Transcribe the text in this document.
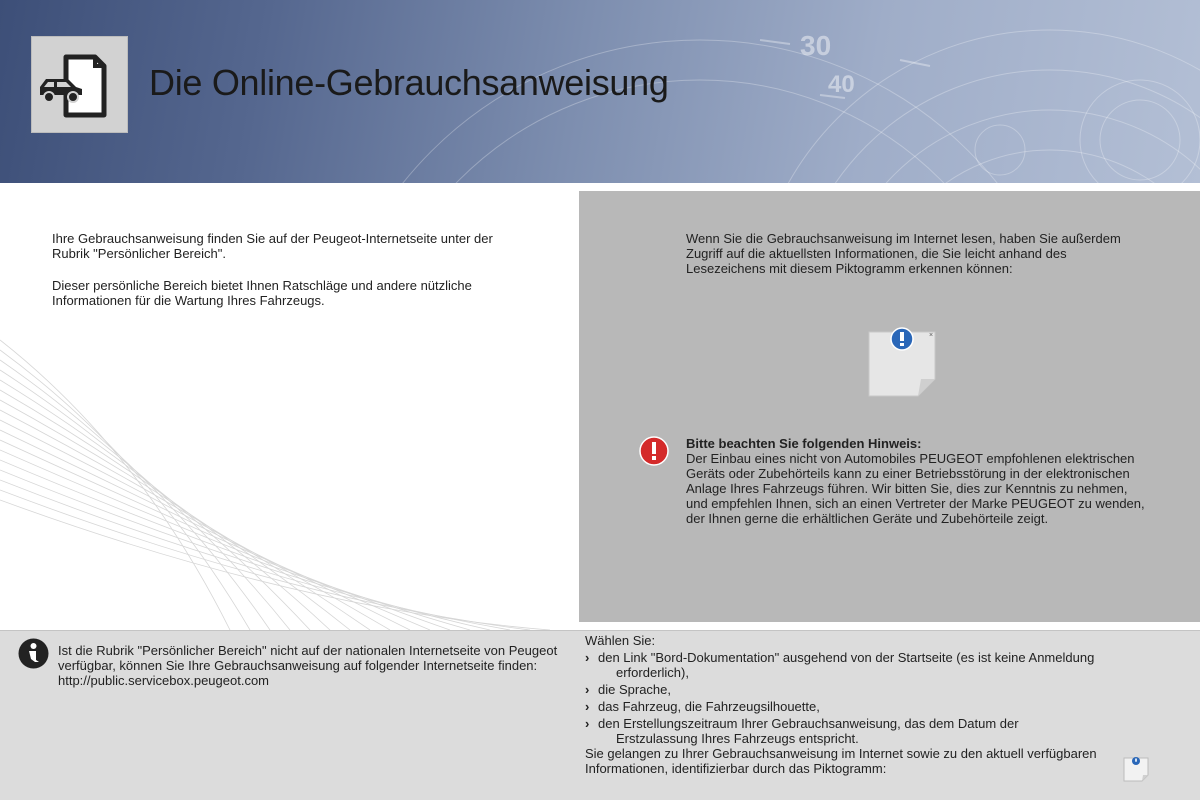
30
40
Die Online-Gebrauchsanweisung

Ihre Gebrauchsanweisung finden Sie auf der Peugeot-Internetseite unter der Rubrik "Persönlicher Bereich".

Dieser persönliche Bereich bietet Ihnen Ratschläge und andere nützliche Informationen für die Wartung Ihres Fahrzeugs.

Wenn Sie die Gebrauchsanweisung im Internet lesen, haben Sie außerdem Zugriff auf die aktuellsten Informationen, die Sie leicht anhand des Lesezeichens mit diesem Piktogramm erkennen können:
×
Bitte beachten Sie folgenden Hinweis:
Der Einbau eines nicht von Automobiles PEUGEOT empfohlenen elektrischen Geräts oder Zubehörteils kann zu einer Betriebsstörung in der elektronischen Anlage Ihres Fahrzeugs führen. Wir bitten Sie, dies zur Kenntnis zu nehmen, und empfehlen Ihnen, sich an einen Vertreter der Marke PEUGEOT zu wenden, der Ihnen gerne die erhältlichen Geräte und Zubehörteile zeigt.
Ist die Rubrik "Persönlicher Bereich" nicht auf der nationalen Internetseite von Peugeot verfügbar, können Sie Ihre Gebrauchsanweisung auf folgender Internetseite finden:
http://public.servicebox.peugeot.com
Wählen Sie:
› den Link "Bord-Dokumentation" ausgehend von der Startseite (es ist keine Anmeldung
erforderlich),
› die Sprache,
› das Fahrzeug, die Fahrzeugsilhouette,
› den Erstellungszeitraum Ihrer Gebrauchsanweisung, das dem Datum der
Erstzulassung Ihres Fahrzeugs entspricht.
Sie gelangen zu Ihrer Gebrauchsanweisung im Internet sowie zu den aktuell verfügbaren Informationen, identifizierbar durch das Piktogramm:
